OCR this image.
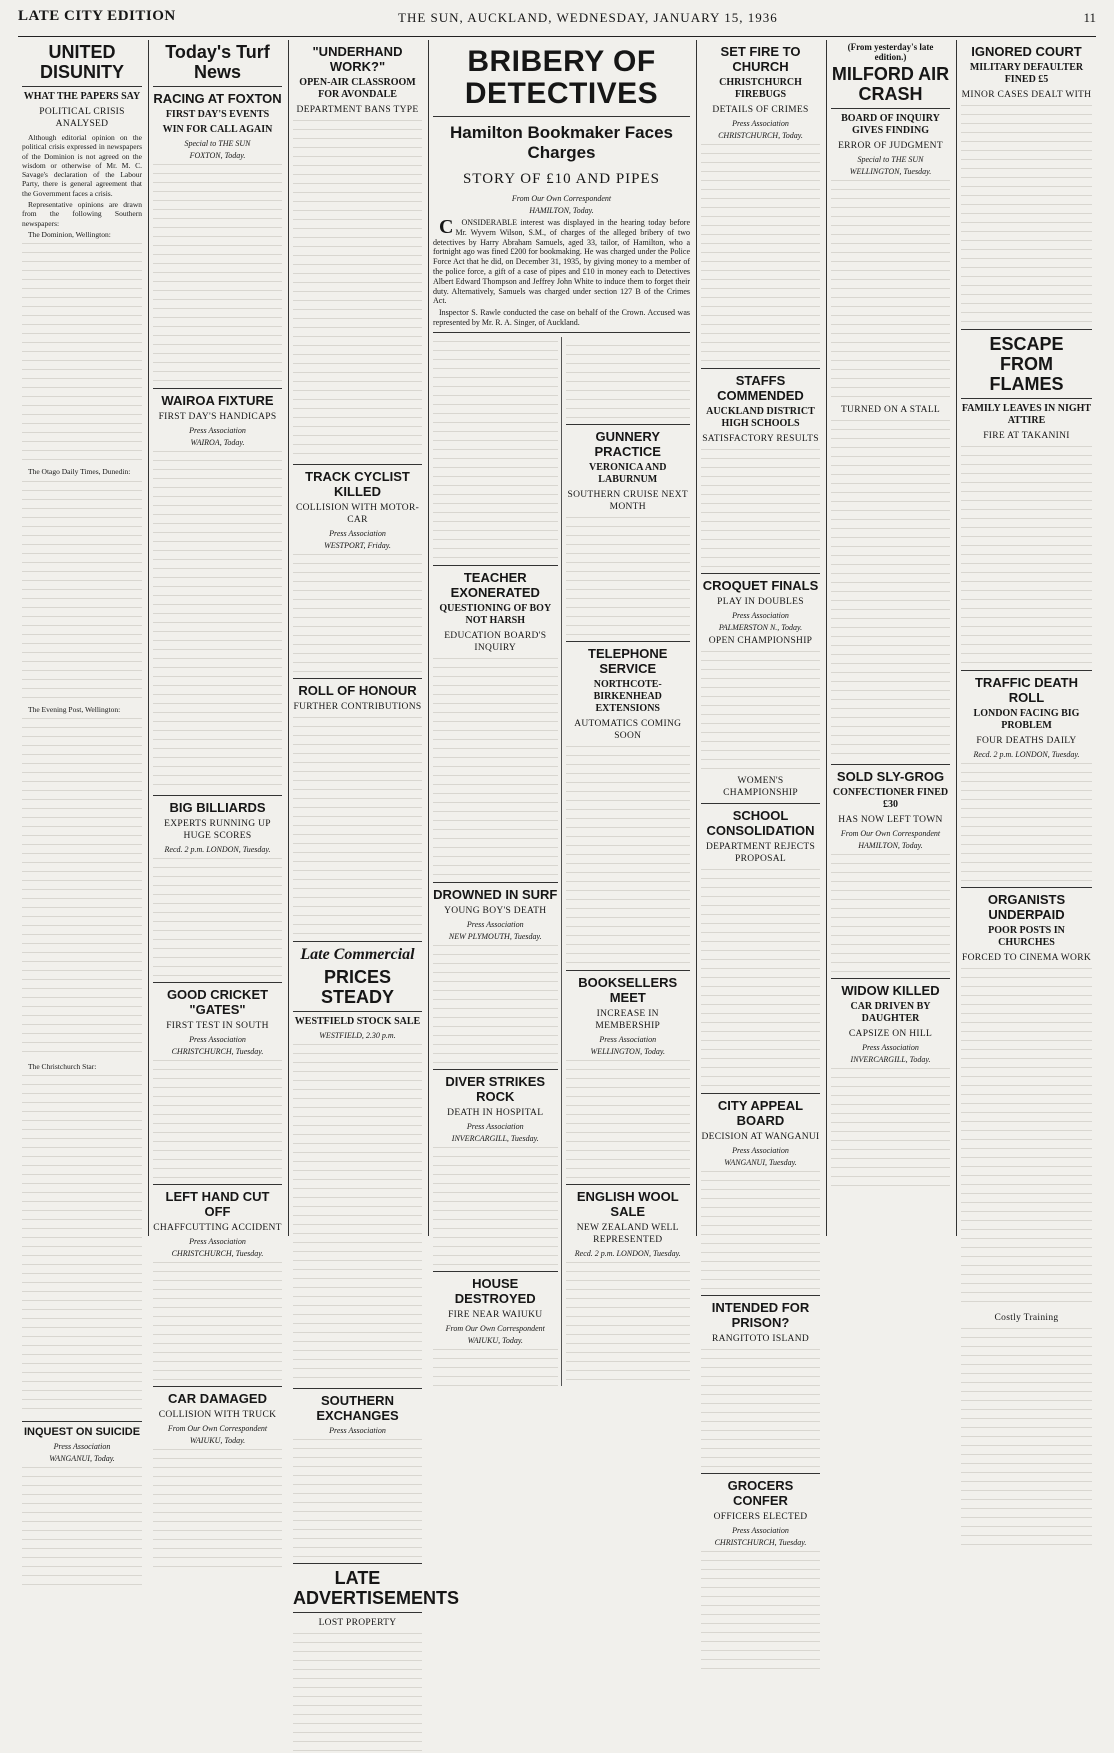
LATE CITY EDITION	THE SUN, AUCKLAND, WEDNESDAY, JANUARY 15, 1936	11
UNITED DISUNITY
WHAT THE PAPERS SAY
POLITICAL CRISIS ANALYSED

Although editorial opinion on the political crisis expressed in newspapers of the Dominion is not agreed on the wisdom or otherwise of Mr. M. C. Savage's declaration of the Labour Party, there is general agreement that the Government faces a crisis.

Representative opinions are drawn from the following Southern newspapers:

The Dominion, Wellington:

The Otago Daily Times, Dunedin:

The Evening Post, Wellington:

The Christchurch Star:

INQUEST ON SUICIDE
Press Association
WANGANUI, Today.
Today's Turf News
RACING AT FOXTON
FIRST DAY'S EVENTS
WIN FOR CALL AGAIN
Special to THE SUN
FOXTON, Today.
WAIROA FIXTURE
FIRST DAY'S HANDICAPS
Press Association
WAIROA, Today.
BIG BILLIARDS
EXPERTS RUNNING UP HUGE SCORES
Recd. 2 p.m. LONDON, Tuesday.
GOOD CRICKET "GATES"
FIRST TEST IN SOUTH
Press Association
CHRISTCHURCH, Tuesday.
LEFT HAND CUT OFF
CHAFFCUTTING ACCIDENT
Press Association
CHRISTCHURCH, Tuesday.
CAR DAMAGED
COLLISION WITH TRUCK
From Our Own Correspondent
WAIUKU, Today.
"UNDERHAND WORK?"
OPEN-AIR CLASSROOM FOR AVONDALE
DEPARTMENT BANS TYPE
TRACK CYCLIST KILLED
COLLISION WITH MOTOR-CAR
Press Association
WESTPORT, Friday.
ROLL OF HONOUR
FURTHER CONTRIBUTIONS
Late Commercial
PRICES STEADY
WESTFIELD STOCK SALE
WESTFIELD, 2.30 p.m.
SOUTHERN EXCHANGES
Press Association
LATE ADVERTISEMENTS
LOST PROPERTY
BRIBERY OF DETECTIVES
Hamilton Bookmaker Faces Charges
STORY OF £10 AND PIPES
From Our Own Correspondent
HAMILTON, Today.

CONSIDERABLE interest was displayed in the hearing today before Mr. Wyvern Wilson, S.M., of charges of the alleged bribery of two detectives by Harry Abraham Samuels, aged 33, tailor, of Hamilton, who a fortnight ago was fined £200 for bookmaking. He was charged under the Police Force Act that he did, on December 31, 1935, by giving money to a member of the police force, a gift of a case of pipes and £10 in money each to Detectives Albert Edward Thompson and Jeffrey John White to induce them to forget their duty. Alternatively, Samuels was charged under section 127 B of the Crimes Act.

Inspector S. Rawle conducted the case on behalf of the Crown. Accused was represented by Mr. R. A. Singer, of Auckland.

TEACHER EXONERATED
QUESTIONING OF BOY NOT HARSH
EDUCATION BOARD'S INQUIRY
DROWNED IN SURF
YOUNG BOY'S DEATH
Press Association
NEW PLYMOUTH, Tuesday.
DIVER STRIKES ROCK
DEATH IN HOSPITAL
Press Association
INVERCARGILL, Tuesday.
HOUSE DESTROYED
FIRE NEAR WAIUKU
From Our Own Correspondent
WAIUKU, Today.
GUNNERY PRACTICE
VERONICA AND LABURNUM
SOUTHERN CRUISE NEXT MONTH
TELEPHONE SERVICE
NORTHCOTE-BIRKENHEAD EXTENSIONS
AUTOMATICS COMING SOON
BOOKSELLERS MEET
INCREASE IN MEMBERSHIP
Press Association
WELLINGTON, Today.
ENGLISH WOOL SALE
NEW ZEALAND WELL REPRESENTED
Recd. 2 p.m. LONDON, Tuesday.
SET FIRE TO CHURCH
CHRISTCHURCH FIREBUGS
DETAILS OF CRIMES
Press Association
CHRISTCHURCH, Today.
STAFFS COMMENDED
AUCKLAND DISTRICT HIGH SCHOOLS
SATISFACTORY RESULTS
CROQUET FINALS
PLAY IN DOUBLES
Press Association
PALMERSTON N., Today.
OPEN CHAMPIONSHIP
WOMEN'S CHAMPIONSHIP
SCHOOL CONSOLIDATION
DEPARTMENT REJECTS PROPOSAL
CITY APPEAL BOARD
DECISION AT WANGANUI
Press Association
WANGANUI, Tuesday.
INTENDED FOR PRISON?
RANGITOTO ISLAND
GROCERS CONFER
OFFICERS ELECTED
Press Association
CHRISTCHURCH, Tuesday.
(From yesterday's late edition.)
MILFORD AIR CRASH
BOARD OF INQUIRY GIVES FINDING
ERROR OF JUDGMENT
Special to THE SUN
WELLINGTON, Tuesday.
TURNED ON A STALL
SOLD SLY-GROG
CONFECTIONER FINED £30
HAS NOW LEFT TOWN
From Our Own Correspondent
HAMILTON, Today.
WIDOW KILLED
CAR DRIVEN BY DAUGHTER
CAPSIZE ON HILL
Press Association
INVERCARGILL, Today.
IGNORED COURT
MILITARY DEFAULTER FINED £5
MINOR CASES DEALT WITH
ESCAPE FROM FLAMES
FAMILY LEAVES IN NIGHT ATTIRE
FIRE AT TAKANINI
TRAFFIC DEATH ROLL
LONDON FACING BIG PROBLEM
FOUR DEATHS DAILY
Recd. 2 p.m. LONDON, Tuesday.
ORGANISTS UNDERPAID
POOR POSTS IN CHURCHES
FORCED TO CINEMA WORK
Costly Training
